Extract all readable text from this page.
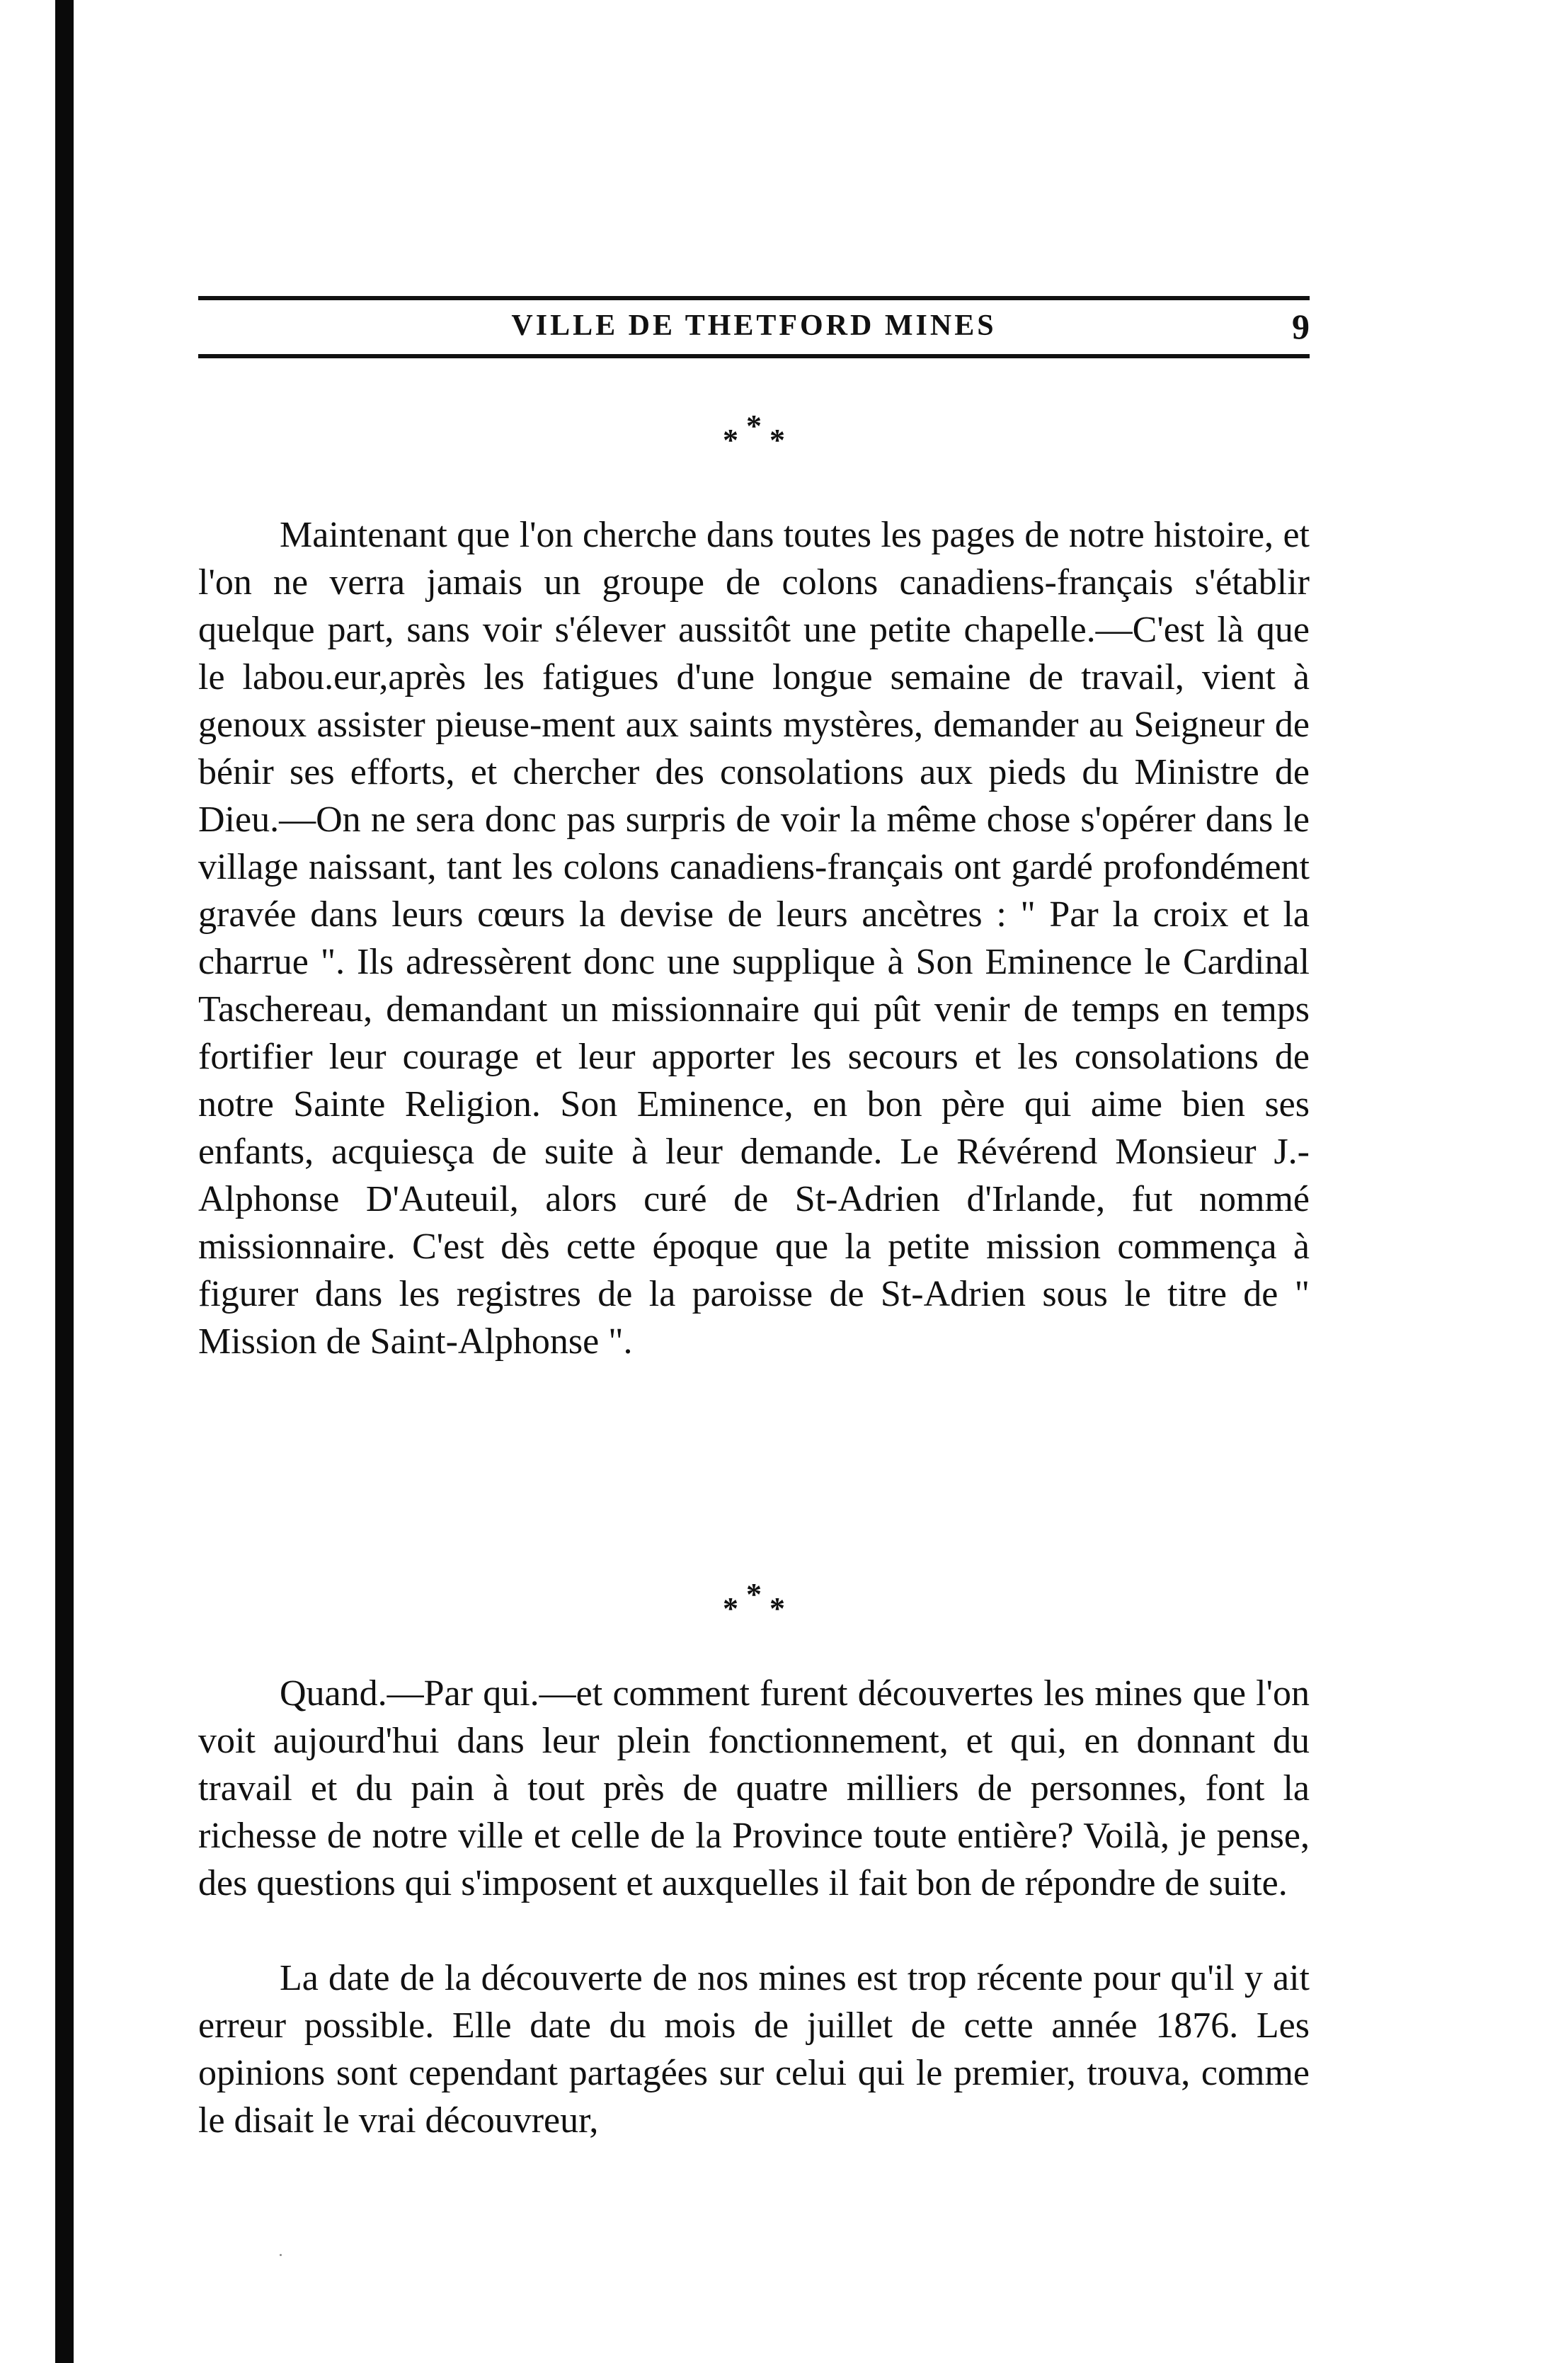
VILLE DE THETFORD MINES	9
* * *

Maintenant que l'on cherche dans toutes les pages de notre histoire, et l'on ne verra jamais un groupe de colons canadiens-français s'établir quelque part, sans voir s'élever aussitôt une petite chapelle.—C'est là que le labou.eur,après les fatigues d'une longue semaine de travail, vient à genoux assister pieuse-ment aux saints mystères, demander au Seigneur de bénir ses efforts, et chercher des consolations aux pieds du Ministre de Dieu.—On ne sera donc pas surpris de voir la même chose s'opérer dans le village naissant, tant les colons canadiens-français ont gardé profondément gravée dans leurs cœurs la devise de leurs ancètres : " Par la croix et la charrue ". Ils adressèrent donc une supplique à Son Eminence le Cardinal Taschereau, demandant un missionnaire qui pût venir de temps en temps fortifier leur courage et leur apporter les secours et les consolations de notre Sainte Religion. Son Eminence, en bon père qui aime bien ses enfants, acquiesça de suite à leur demande. Le Révérend Monsieur J.-Alphonse D'Auteuil, alors curé de St-Adrien d'Irlande, fut nommé missionnaire. C'est dès cette époque que la petite mission commença à figurer dans les registres de la paroisse de St-Adrien sous le titre de " Mission de Saint-Alphonse ".

* * *

Quand.—Par qui.—et comment furent découvertes les mines que l'on voit aujourd'hui dans leur plein fonctionnement, et qui, en donnant du travail et du pain à tout près de quatre milliers de personnes, font la richesse de notre ville et celle de la Province toute entière? Voilà, je pense, des questions qui s'imposent et auxquelles il fait bon de répondre de suite.

La date de la découverte de nos mines est trop récente pour qu'il y ait erreur possible. Elle date du mois de juillet de cette année 1876. Les opinions sont cependant partagées sur celui qui le premier, trouva, comme le disait le vrai découvreur,
